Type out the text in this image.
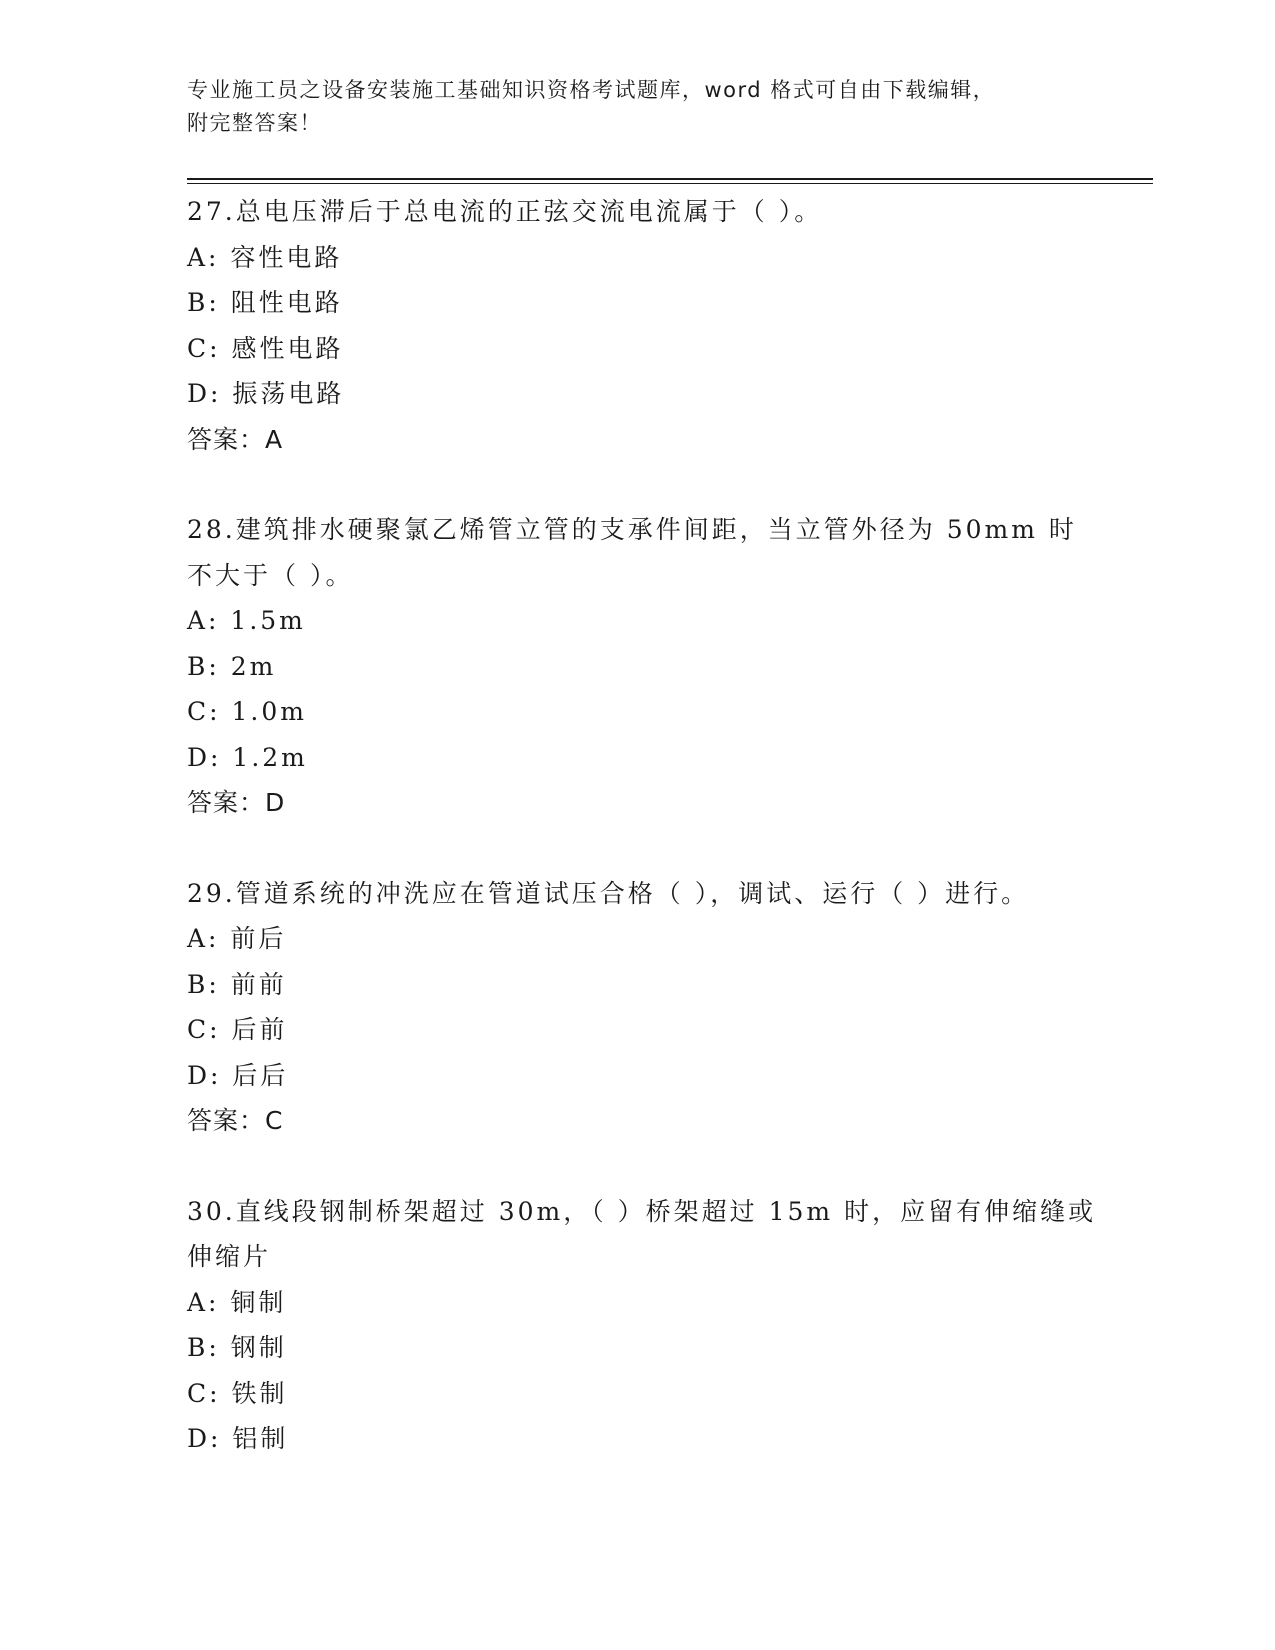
专业施工员之设备安装施工基础知识资格考试题库，word 格式可自由下载编辑，
附完整答案！
27.总电压滞后于总电流的正弦交流电流属于（ ）。
A: 容性电路
B: 阻性电路
C: 感性电路
D: 振荡电路
答案：A
28.建筑排水硬聚氯乙烯管立管的支承件间距，当立管外径为 50mm 时不大于（ ）。
A: 1.5m
B: 2m
C: 1.0m
D: 1.2m
答案：D
29.管道系统的冲洗应在管道试压合格（ ），调试、运行（ ）进行。
A: 前后
B: 前前
C: 后前
D: 后后
答案：C
30.直线段钢制桥架超过 30m，（ ）桥架超过 15m 时，应留有伸缩缝或伸缩片
A: 铜制
B: 钢制
C: 铁制
D: 铝制
